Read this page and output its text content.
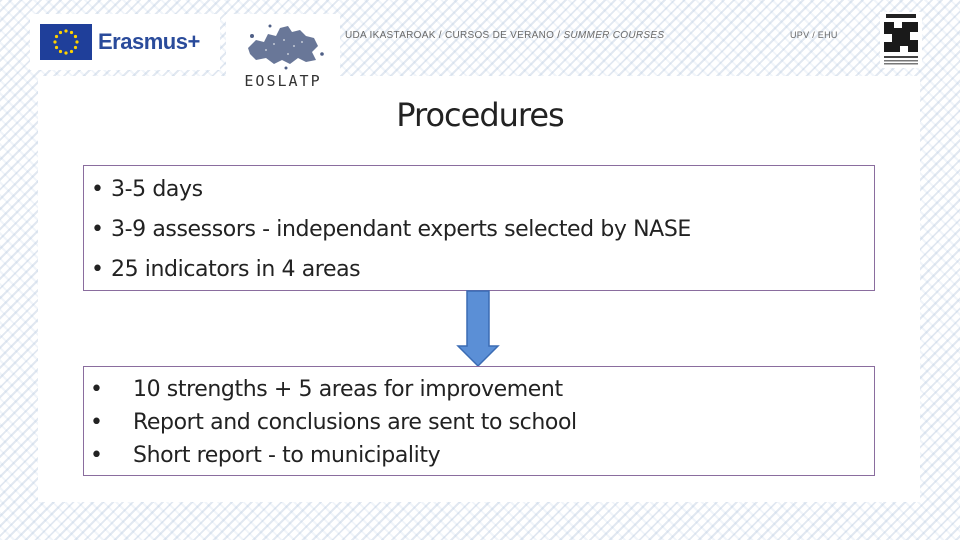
Erasmus+
EOSLATP
UDA IKASTAROAK / CURSOS DE VERANO / SUMMER COURSES	UPV / EHU
Procedures
• 3-5 days
• 3-9 assessors - independant experts selected by NASE
• 25 indicators in 4 areas
• 10 strengths + 5 areas for improvement
• Report and conclusions are sent to school
• Short report - to municipality
